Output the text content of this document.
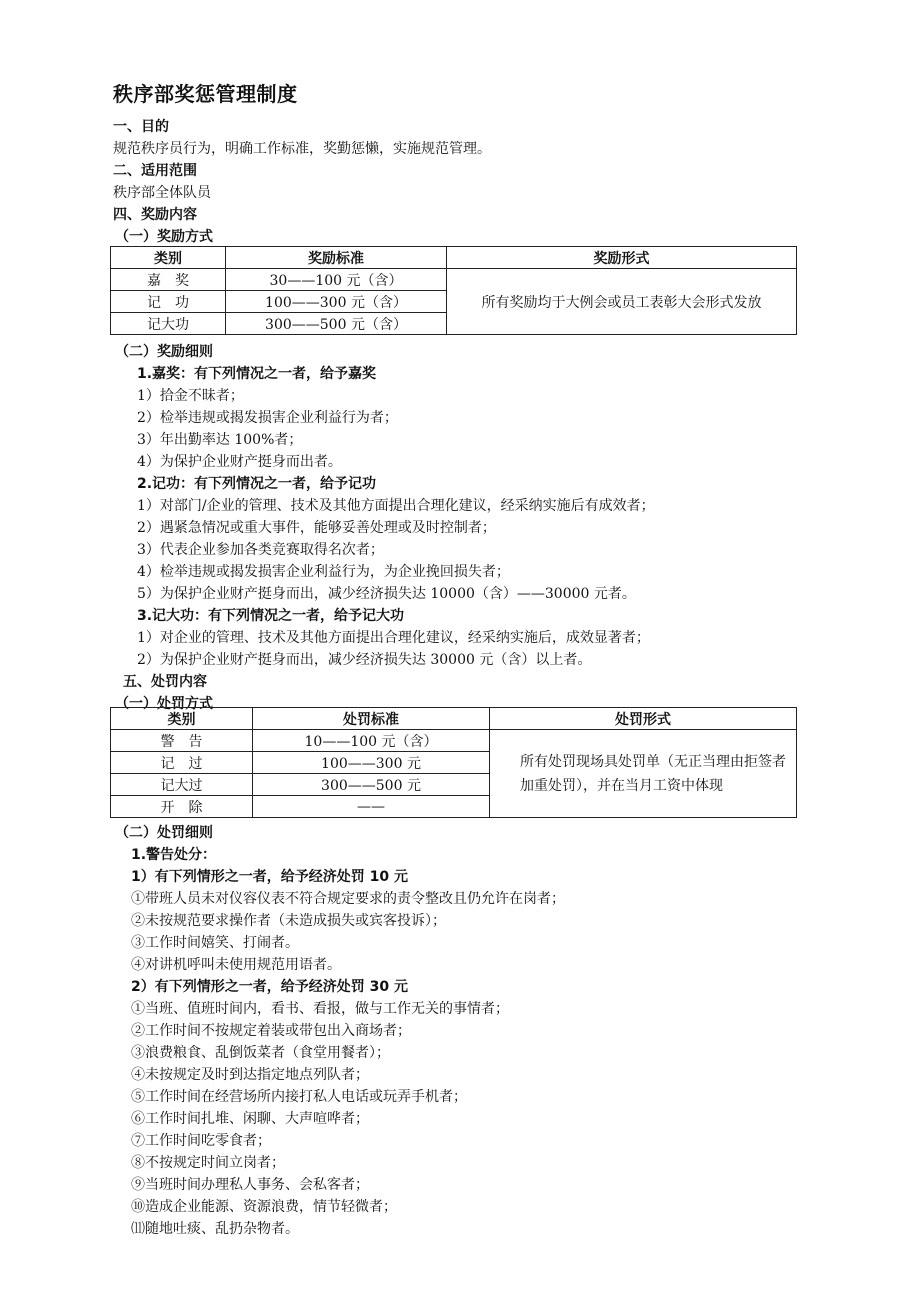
秩序部奖惩管理制度
一、目的
规范秩序员行为，明确工作标准，奖勤惩懒，实施规范管理。
二、适用范围
秩序部全体队员
四、奖励内容
（一）奖励方式
类别	奖励标准	奖励形式
嘉　奖	30——100 元（含）	所有奖励均于大例会或员工表彰大会形式发放
记　功	100——300 元（含）	
记大功	300——500 元（含）	
（二）奖励细则
1.嘉奖：有下列情况之一者，给予嘉奖
1）拾金不昧者；
2）检举违规或揭发损害企业利益行为者；
3）年出勤率达 100%者；
4）为保护企业财产挺身而出者。
2.记功：有下列情况之一者，给予记功
1）对部门/企业的管理、技术及其他方面提出合理化建议，经采纳实施后有成效者；
2）遇紧急情况或重大事件，能够妥善处理或及时控制者；
3）代表企业参加各类竞赛取得名次者；
4）检举违规或揭发损害企业利益行为，为企业挽回损失者；
5）为保护企业财产挺身而出，减少经济损失达 10000（含）——30000 元者。
3.记大功：有下列情况之一者，给予记大功
1）对企业的管理、技术及其他方面提出合理化建议，经采纳实施后，成效显著者；
2）为保护企业财产挺身而出，减少经济损失达 30000 元（含）以上者。
五、处罚内容
（一）处罚方式
类别	处罚标准	处罚形式
警　告	10——100 元（含）	所有处罚现场具处罚单（无正当理由拒签者加重处罚），并在当月工资中体现
记　过	100——300 元	
记大过	300——500 元	
开　除	——	
（二）处罚细则
1.警告处分：
1）有下列情形之一者，给予经济处罚 10 元
①带班人员未对仪容仪表不符合规定要求的责令整改且仍允许在岗者；
②未按规范要求操作者（未造成损失或宾客投诉）；
③工作时间嬉笑、打闹者。
④对讲机呼叫未使用规范用语者。
2）有下列情形之一者，给予经济处罚 30 元
①当班、值班时间内，看书、看报，做与工作无关的事情者；
②工作时间不按规定着装或带包出入商场者；
③浪费粮食、乱倒饭菜者（食堂用餐者）；
④未按规定及时到达指定地点列队者；
⑤工作时间在经营场所内接打私人电话或玩弄手机者；
⑥工作时间扎堆、闲聊、大声喧哗者；
⑦工作时间吃零食者；
⑧不按规定时间立岗者；
⑨当班时间办理私人事务、会私客者；
⑩造成企业能源、资源浪费，情节轻微者；
⑾随地吐痰、乱扔杂物者。
